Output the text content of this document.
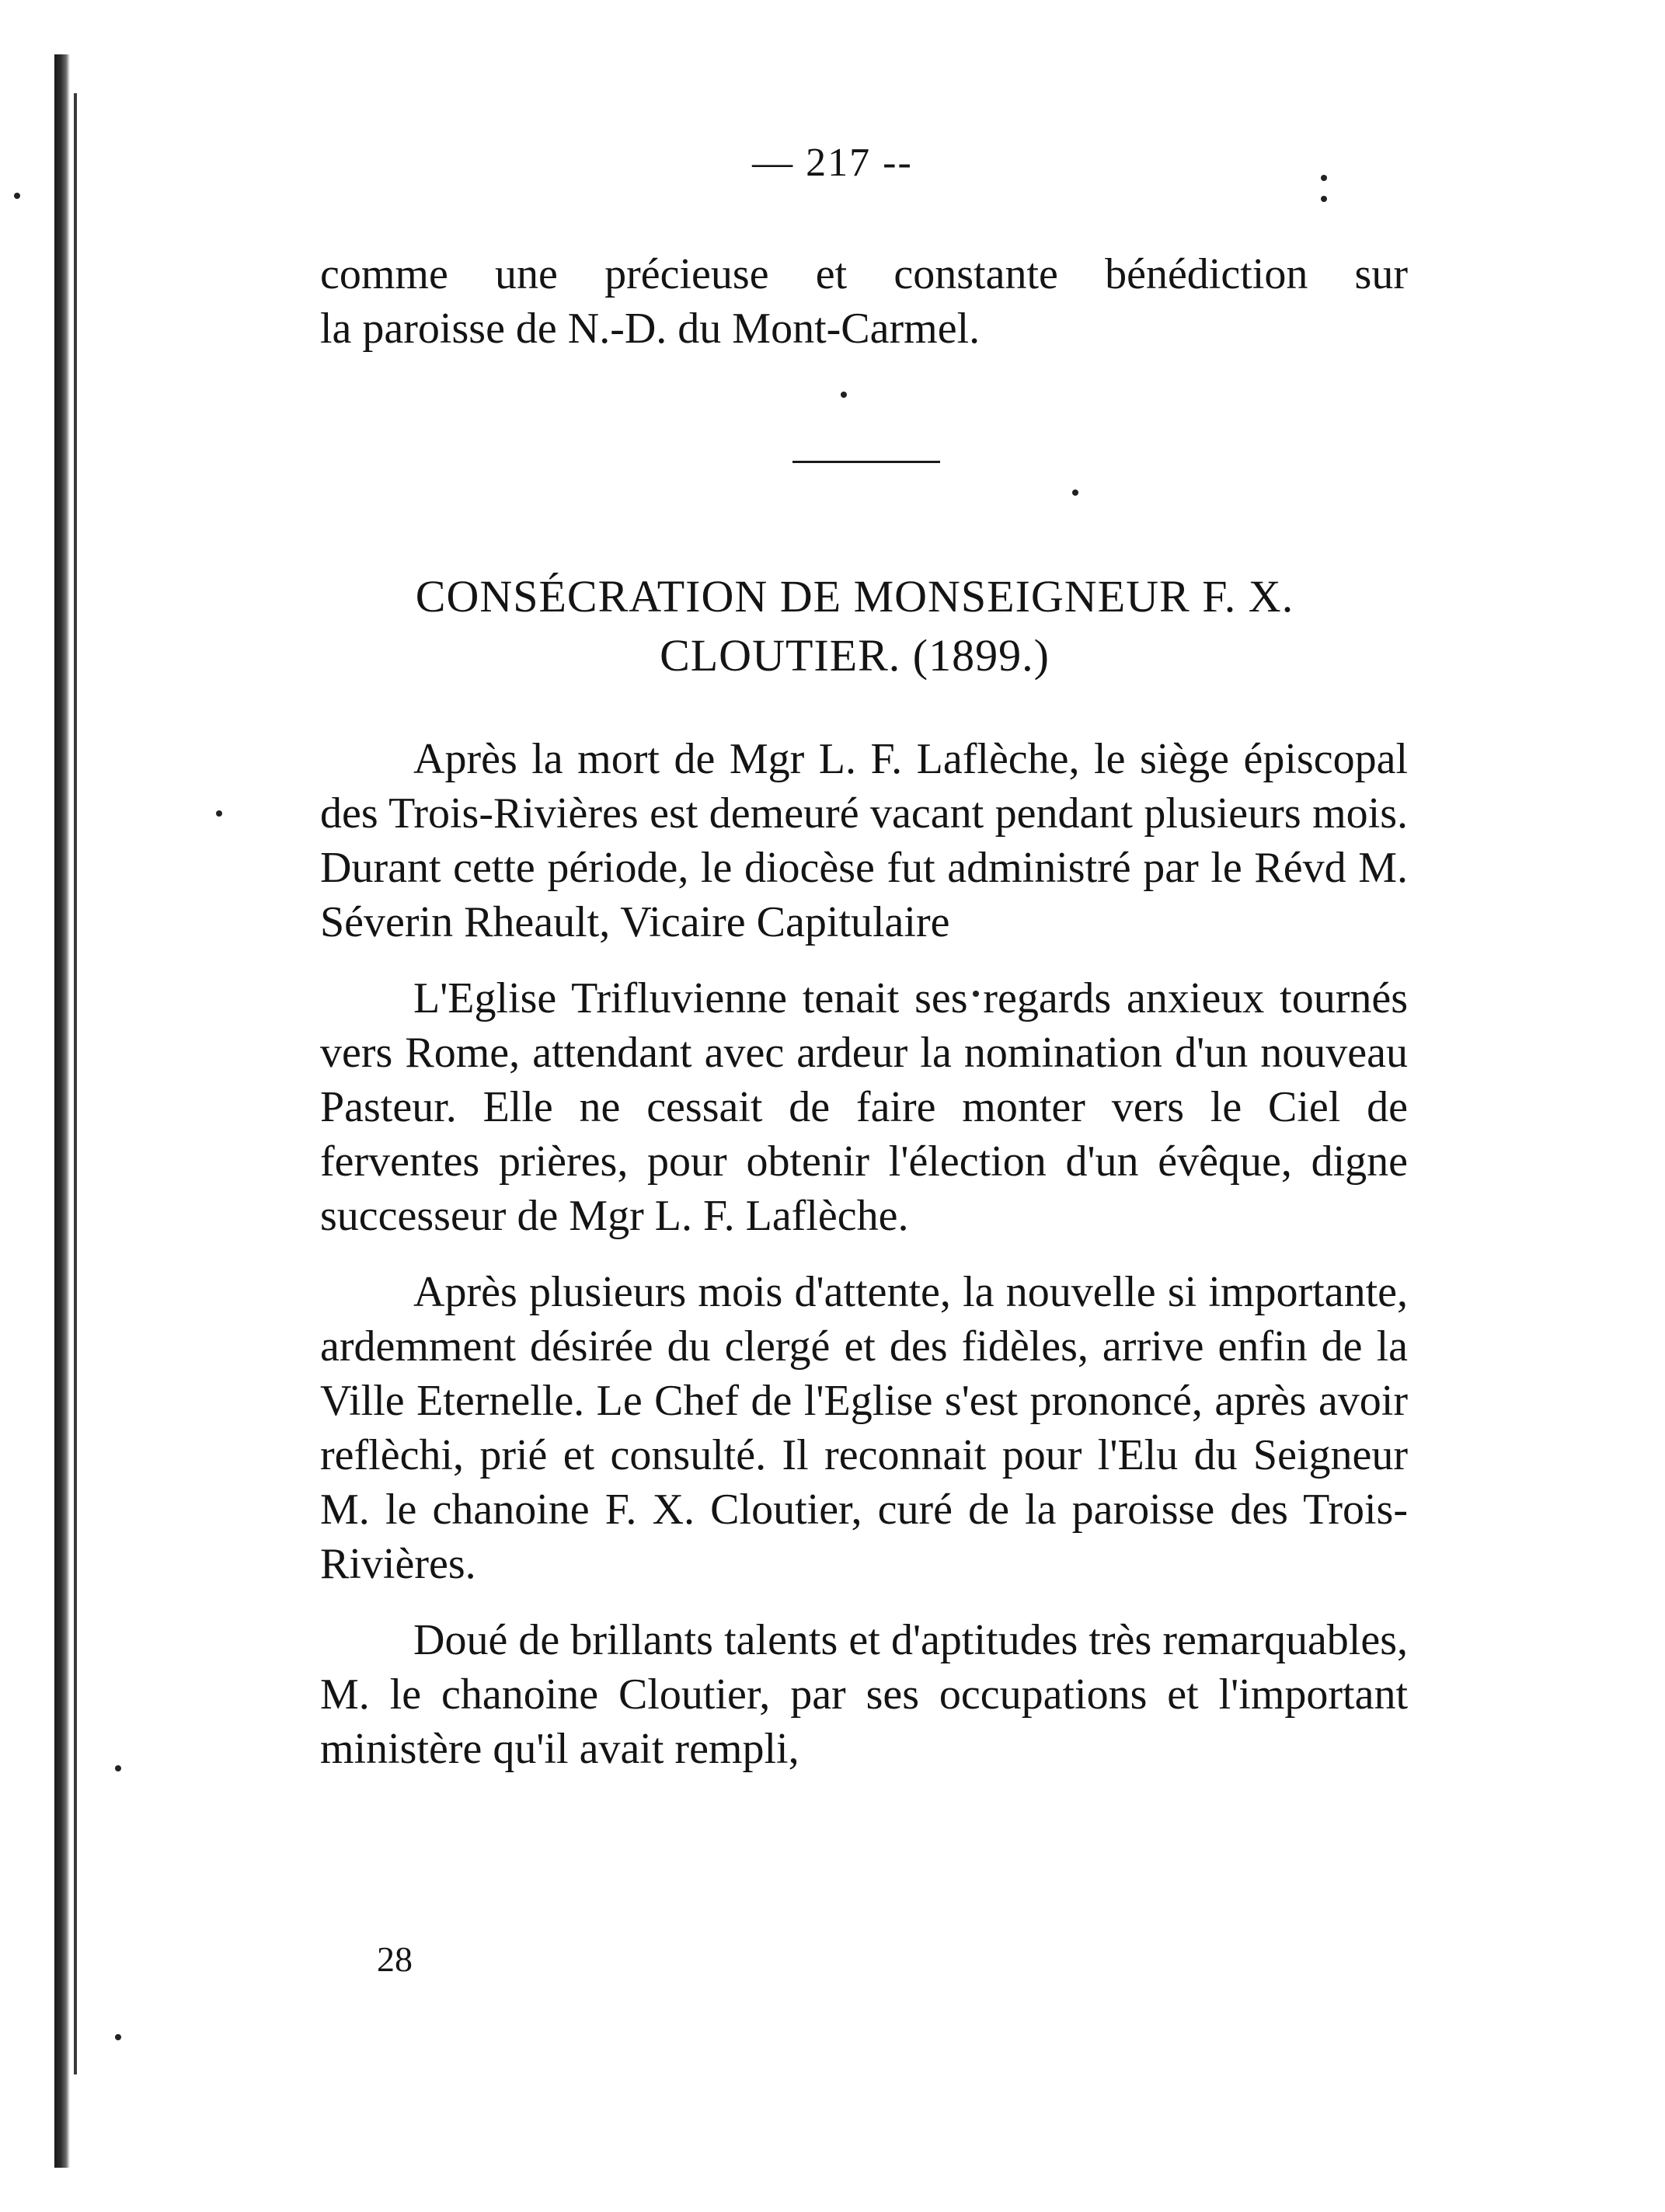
— 217 --

comme une précieuse et constante bénédiction sur

la paroisse de N.-D. du Mont-Carmel.

CONSÉCRATION DE MONSEIGNEUR F. X.
CLOUTIER. (1899.)

Après la mort de Mgr L. F. Laflèche, le siège épiscopal des Trois-Rivières est demeuré vacant pendant plusieurs mois. Durant cette période, le diocèse fut administré par le Révd M. Séverin Rheault, Vicaire Capitulaire

L'Eglise Trifluvienne tenait ses regards anxieux tournés vers Rome, attendant avec ardeur la nomination d'un nouveau Pasteur. Elle ne cessait de faire monter vers le Ciel de ferventes prières, pour obtenir l'élection d'un évêque, digne successeur de Mgr L. F. Laflèche.

Après plusieurs mois d'attente, la nouvelle si importante, ardemment désirée du clergé et des fidèles, arrive enfin de la Ville Eternelle. Le Chef de l'Eglise s'est prononcé, après avoir reflèchi, prié et consulté. Il reconnait pour l'Elu du Seigneur M. le chanoine F. X. Cloutier, curé de la paroisse des Trois-Rivières.

Doué de brillants talents et d'aptitudes très remarquables, M. le chanoine Cloutier, par ses occupations et l'important ministère qu'il avait rempli,

28
